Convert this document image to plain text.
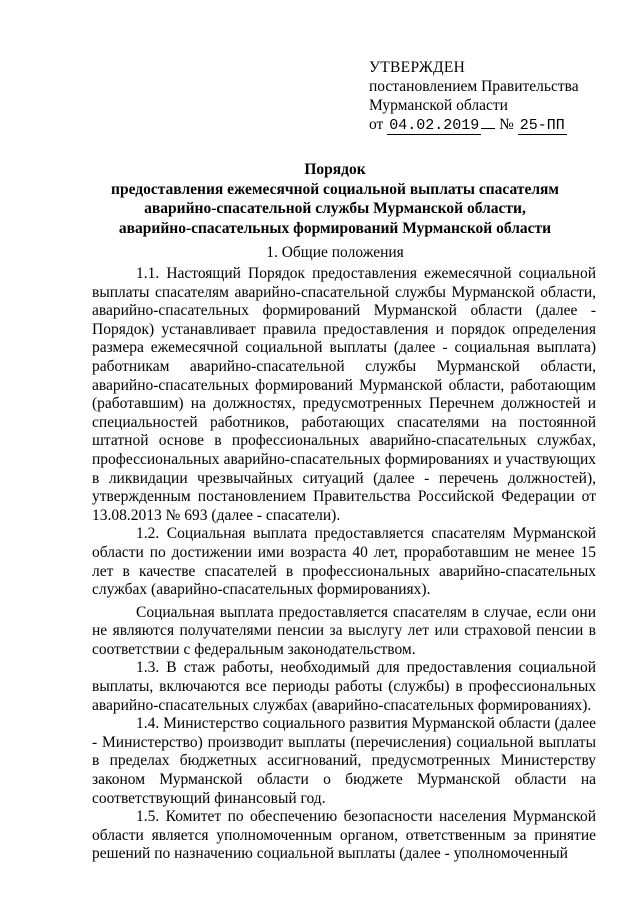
УТВЕРЖДЕН
постановлением Правительства
Мурманской области
от 04.02.2019 № 25-ПП
Порядок
предоставления ежемесячной социальной выплаты спасателям
аварийно-спасательной службы Мурманской области,
аварийно-спасательных формирований Мурманской области
1. Общие положения

1.1. Настоящий Порядок предоставления ежемесячной социальной выплаты спасателям аварийно-спасательной службы Мурманской области, аварийно-спасательных формирований Мурманской области (далее - Порядок) устанавливает правила предоставления и порядок определения размера ежемесячной социальной выплаты (далее - социальная выплата) работникам аварийно-спасательной службы Мурманской области, аварийно-спасательных формирований Мурманской области, работающим (работавшим) на должностях, предусмотренных Перечнем должностей и специальностей работников, работающих спасателями на постоянной штатной основе в профессиональных аварийно-спасательных службах, профессиональных аварийно-спасательных формированиях и участвующих в ликвидации чрезвычайных ситуаций (далее - перечень должностей), утвержденным постановлением Правительства Российской Федерации от 13.08.2013 № 693 (далее - спасатели).

1.2. Социальная выплата предоставляется спасателям Мурманской области по достижении ими возраста 40 лет, проработавшим не менее 15 лет в качестве спасателей в профессиональных аварийно-спасательных службах (аварийно-спасательных формированиях).

Социальная выплата предоставляется спасателям в случае, если они не являются получателями пенсии за выслугу лет или страховой пенсии в соответствии с федеральным законодательством.

1.3. В стаж работы, необходимый для предоставления социальной выплаты, включаются все периоды работы (службы) в профессиональных аварийно-спасательных службах (аварийно-спасательных формированиях).

1.4. Министерство социального развития Мурманской области (далее - Министерство) производит выплаты (перечисления) социальной выплаты в пределах бюджетных ассигнований, предусмотренных Министерству законом Мурманской области о бюджете Мурманской области на соответствующий финансовый год.

1.5. Комитет по обеспечению безопасности населения Мурманской области является уполномоченным органом, ответственным за принятие решений по назначению социальной выплаты (далее - уполномоченный
